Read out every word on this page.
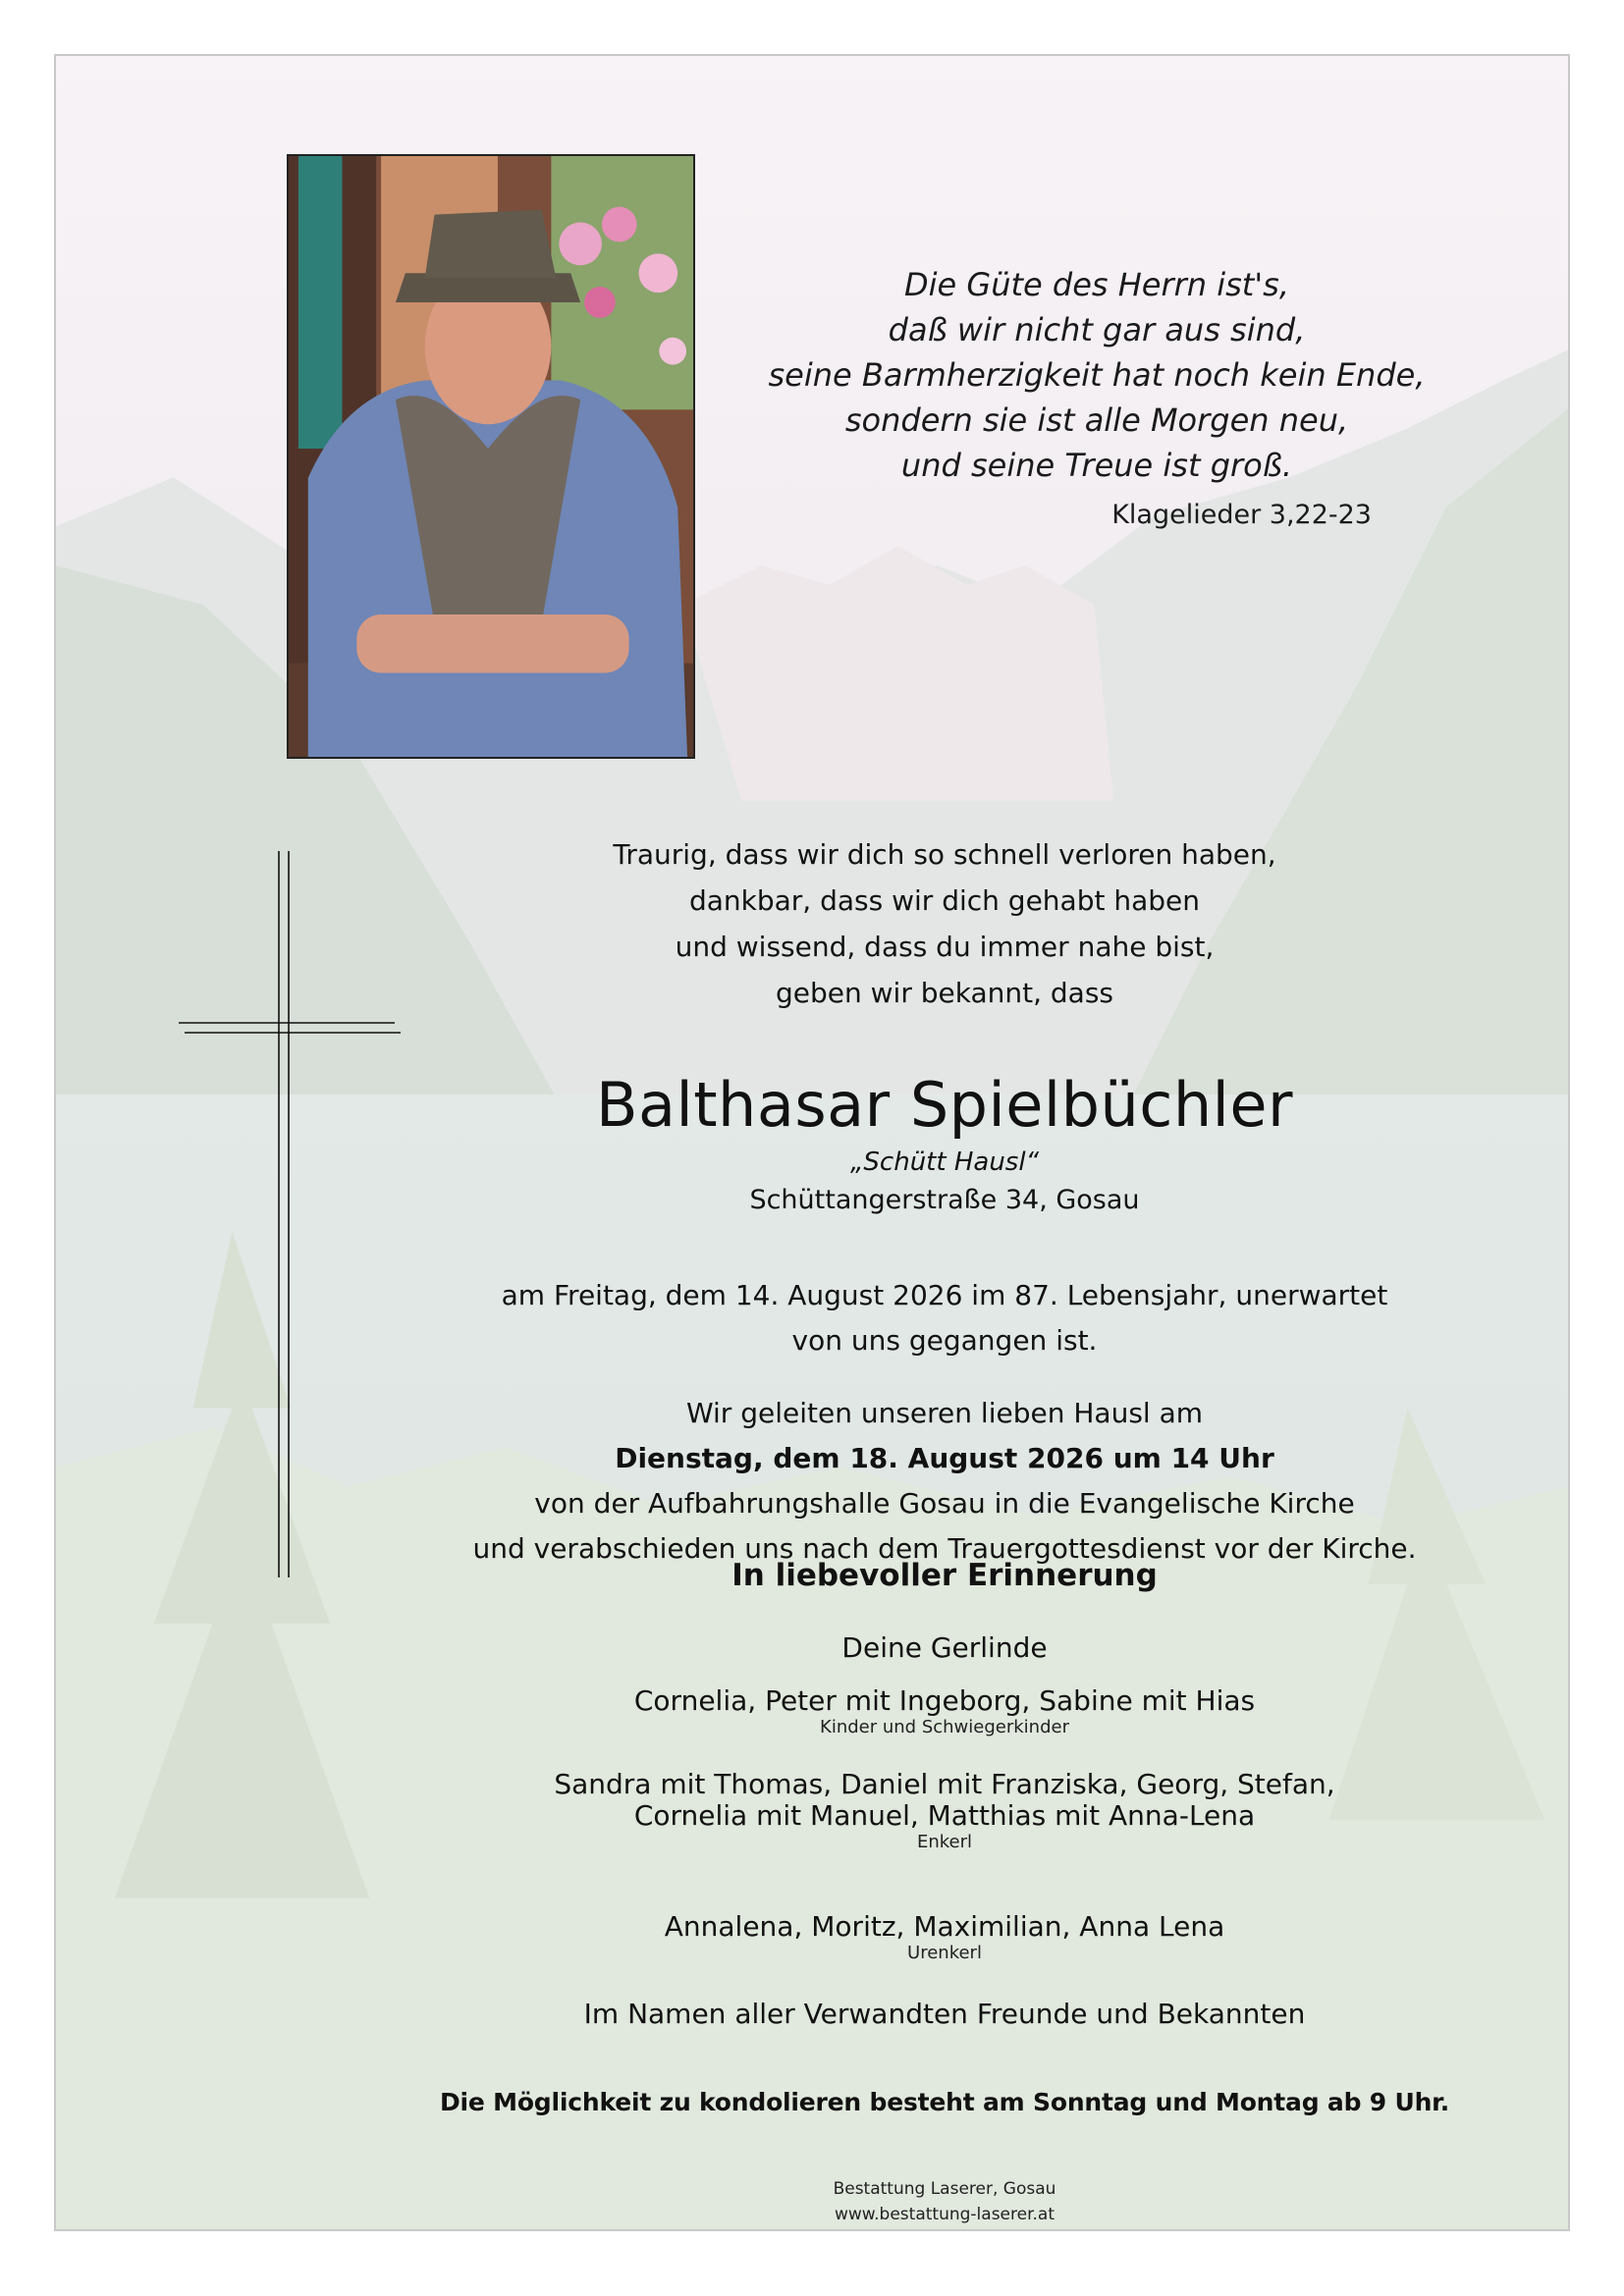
Die Güte des Herrn ist's,
daß wir nicht gar aus sind,
seine Barmherzigkeit hat noch kein Ende,
sondern sie ist alle Morgen neu,
und seine Treue ist groß.
Klagelieder 3,22-23
Traurig, dass wir dich so schnell verloren haben,
dankbar, dass wir dich gehabt haben
und wissend, dass du immer nahe bist,
geben wir bekannt, dass
Balthasar Spielbüchler
„Schütt Hausl“
Schüttangerstraße 34, Gosau
am Freitag, dem 14. August 2026 im 87. Lebensjahr, unerwartet
von uns gegangen ist.
Wir geleiten unseren lieben Hausl am
Dienstag, dem 18. August 2026 um 14 Uhr
von der Aufbahrungshalle Gosau in die Evangelische Kirche
und verabschieden uns nach dem Trauergottesdienst vor der Kirche.
In liebevoller Erinnerung
Deine Gerlinde
Cornelia, Peter mit Ingeborg, Sabine mit Hias
Kinder und Schwiegerkinder
Sandra mit Thomas, Daniel mit Franziska, Georg, Stefan,
Cornelia mit Manuel, Matthias mit Anna-Lena
Enkerl
Annalena, Moritz, Maximilian, Anna Lena
Urenkerl
Im Namen aller Verwandten Freunde und Bekannten
Die Möglichkeit zu kondolieren besteht am Sonntag und Montag ab 9 Uhr.
Bestattung Laserer, Gosau
www.bestattung-laserer.at
